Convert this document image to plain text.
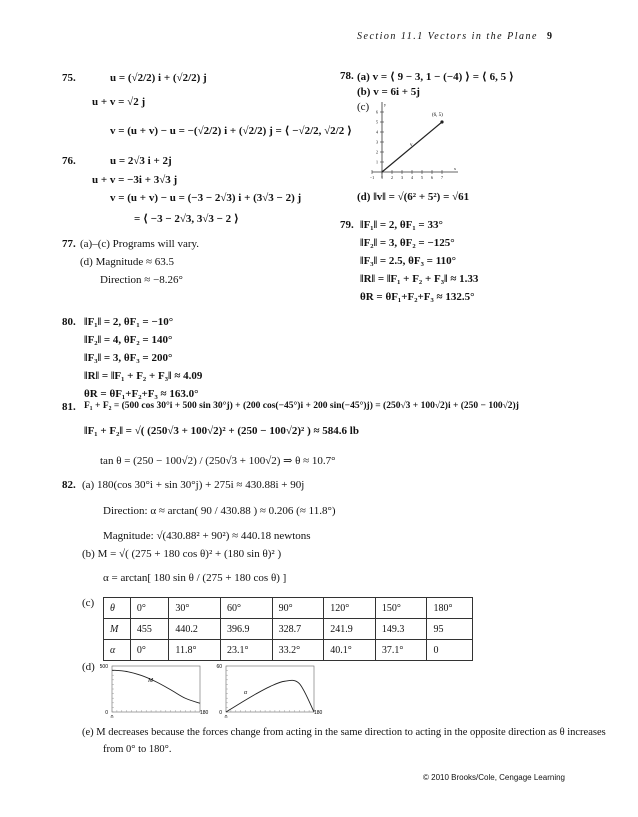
Section 11.1 Vectors in the Plane 9
75.	u = (√2/2) i + (√2/2) j
u + v = √2 j
v = (u + v) − u = −(√2/2) i + (√2/2) j = ⟨ −√2/2, √2/2 ⟩
76.	u = 2√3 i + 2j
u + v = −3i + 3√3 j
v = (u + v) − u = (−3 − 2√3) i + (3√3 − 2) j
= ⟨ −3 − 2√3, 3√3 − 2 ⟩
77. (a)–(c) Programs will vary.
(d) Magnitude ≈ 63.5
Direction ≈ −8.26°
78. (a) v = ⟨ 9 − 3, 1 − (−4) ⟩ = ⟨ 6, 5 ⟩
(b) v = 6i + 5j
(c) 6
5
4
3
2
1
−1 1 2 3 4 5 6 7
(6, 5)
v
x
y
(d) ‖v‖ = √(6² + 5²) = √61
79. ‖F₁‖ = 2, θF₁ = 33°
‖F₂‖ = 3, θF₂ = −125°
‖F₃‖ = 2.5, θF₃ = 110°
‖R‖ = ‖F₁ + F₂ + F₃‖ ≈ 1.33
θR = θF₁+F₂+F₃ ≈ 132.5°
80. ‖F₁‖ = 2, θF₁ = −10°
‖F₂‖ = 4, θF₂ = 140°
‖F₃‖ = 3, θF₃ = 200°
‖R‖ = ‖F₁ + F₂ + F₃‖ ≈ 4.09
θR = θF₁+F₂+F₃ ≈ 163.0°
81. F₁ + F₂ = (500 cos 30°i + 500 sin 30°j) + (200 cos(−45°)i + 200 sin(−45°)j) = (250√3 + 100√2)i + (250 − 100√2)j
‖F₁ + F₂‖ = √( (250√3 + 100√2)² + (250 − 100√2)² ) ≈ 584.6 lb
tan θ = (250 − 100√2) / (250√3 + 100√2) ⇒ θ ≈ 10.7°
82. (a) 180(cos 30°i + sin 30°j) + 275i ≈ 430.88i + 90j
Direction: α ≈ arctan( 90 / 430.88 ) ≈ 0.206 (≈ 11.8°)
Magnitude: √(430.88² + 90²) ≈ 440.18 newtons
(b) M = √( (275 + 180 cos θ)² + (180 sin θ)² )
α = arctan[ 180 sin θ / (275 + 180 cos θ) ]
(c) θ	0°	30°	60°	90°	120°	150°	180°
M	455	440.2	396.9	328.7	241.9	149.3	95
α	0°	11.8°	23.1°	33.2°	40.1°	37.1°	0
(d)
M
500
0
0
180
α
60
0
0
180
(e) M decreases because the forces change from acting in the same direction to acting in the opposite direction as θ increases
from 0° to 180°.
© 2010 Brooks/Cole, Cengage Learning
